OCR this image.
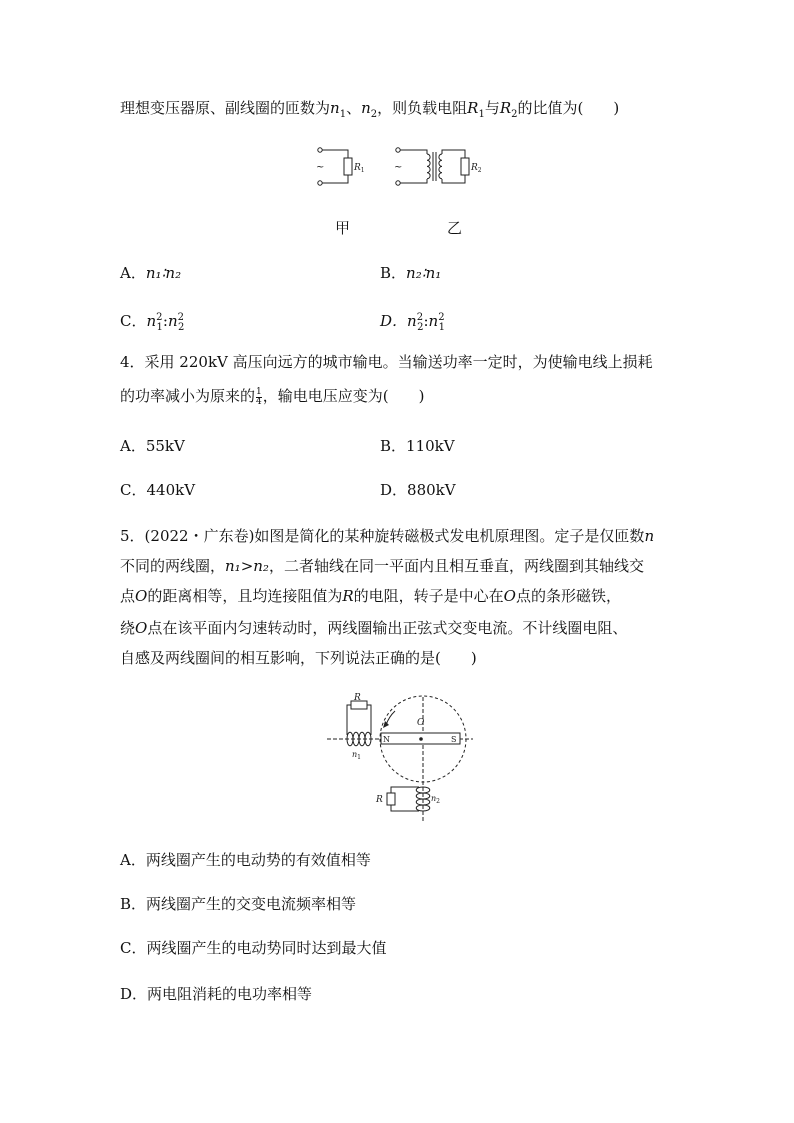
理想变压器原、副线圈的匝数为$n_1$、$n_2$，则负载电阻$R_1$与$R_2$的比值为(　　)
~	~
$R_1$	$R_2$
甲	乙
A．n₁∶n₂	B．n₂∶n₁
C．$n^2_1:n^2_2$	D．$n^2_2:n^2_1$
4．采用 220kV 高压向远方的城市输电。当输送功率一定时，为使输电线上损耗
的功率减小为原来的 $\frac{1}{4}$ ，输电电压应变为(　　)
A．55kV	B．110kV
C．440kV	D．880kV
5．(2022・广东卷)如图是简化的某种旋转磁极式发电机原理图。定子是仅匝数n
不同的两线圈，n₁>n₂，二者轴线在同一平面内且相互垂直，两线圈到其轴线交
点O的距离相等，且均连接阻值为R的电阻，转子是中心在O点的条形磁铁，
绕O点在该平面内匀速转动时，两线圈输出正弦式交变电流。不计线圈电阻、
自感及两线圈间的相互影响，下列说法正确的是(　　)
R
$n_1$
O
N	S
R	$n_2$
A．两线圈产生的电动势的有效值相等
B．两线圈产生的交变电流频率相等
C．两线圈产生的电动势同时达到最大值
D．两电阻消耗的电功率相等
